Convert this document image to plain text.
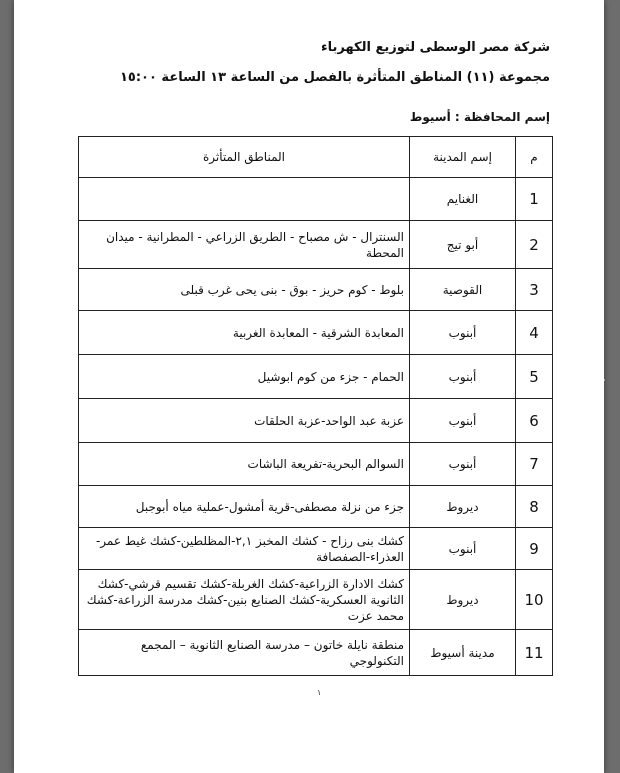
شركة مصر الوسطى لتوزيع الكهرباء
مجموعة (١١) المناطق المتأثرة بالفصل من الساعة ١٣ الساعة ١٥:٠٠
إسم المحافظة : أسيوط
م	إسم المدينة	المناطق المتأثرة
1	الغنايم	
2	أبو تيج	السنترال - ش مصباح - الطريق الزراعي - المطرانية - ميدان المحطة
3	القوصية	بلوط - كوم حريز - بوق - بنى يحى غرب قبلى
4	أبنوب	المعابدة الشرقية - المعابدة الغربية
5	أبنوب	الحمام - جزء من كوم ابوشيل
6	أبنوب	عزبة عبد الواحد-عزبة الحلقات
7	أبنوب	السوالم البحرية-تفريعة الباشات
8	ديروط	جزء من نزلة مصطفى-قرية أمشول-عملية مياه أبوجبل
9	أبنوب	كشك بنى رزاح - كشك المخبز ٢,١-المظلطين-كشك غيط عمر-العذراء-الصفصافة
10	ديروط	كشك الادارة الزراعية-كشك الغربلة-كشك تقسيم قرشي-كشك الثانوية العسكرية-كشك الصنايع بنين-كشك مدرسة الزراعة-كشك محمد عزت
11	مدينة أسيوط	منطقة نايلة خاتون – مدرسة الصنايع الثانوية – المجمع التكنولوجي
١
